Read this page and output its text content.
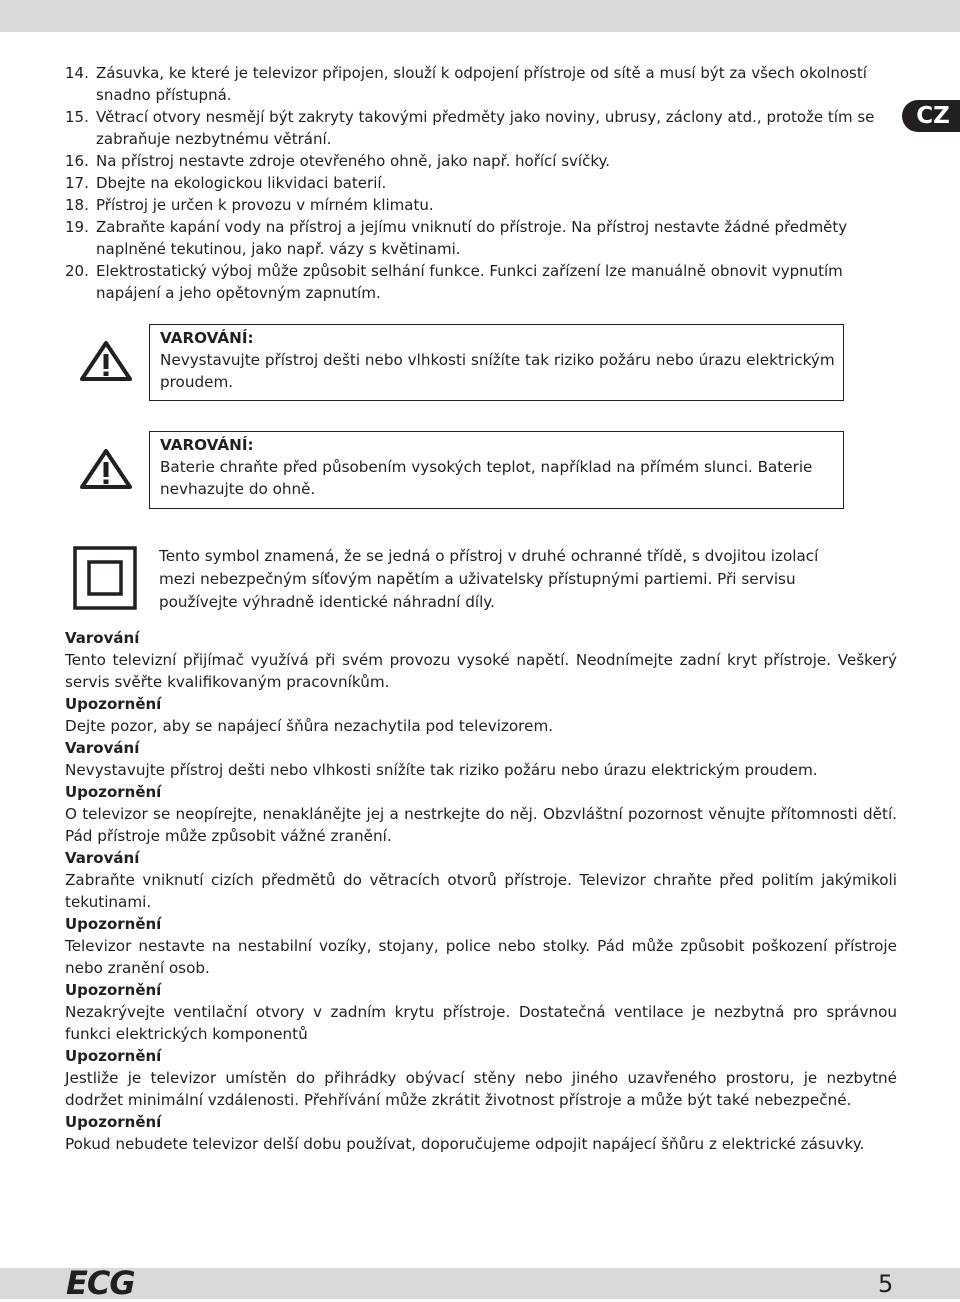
CZ
14. Zásuvka, ke které je televizor připojen, slouží k odpojení přístroje od sítě a musí být za všech okolností snadno přístupná.
15. Větrací otvory nesmějí být zakryty takovými předměty jako noviny, ubrusy, záclony atd., protože tím se zabraňuje nezbytnému větrání.
16. Na přístroj nestavte zdroje otevřeného ohně, jako např. hořící svíčky.
17. Dbejte na ekologickou likvidaci baterií.
18. Přístroj je určen k provozu v mírném klimatu.
19. Zabraňte kapání vody na přístroj a jejímu vniknutí do přístroje. Na přístroj nestavte žádné předměty naplněné tekutinou, jako např. vázy s květinami.
20. Elektrostatický výboj může způsobit selhání funkce. Funkci zařízení lze manuálně obnovit vypnutím napájení a jeho opětovným zapnutím.
VAROVÁNÍ:
Nevystavujte přístroj dešti nebo vlhkosti snížíte tak riziko požáru nebo úrazu elektrickým proudem.
VAROVÁNÍ:
Baterie chraňte před působením vysokých teplot, například na přímém slunci. Baterie nevhazujte do ohně.
Tento symbol znamená, že se jedná o přístroj v druhé ochranné třídě, s dvojitou izolací mezi nebezpečným síťovým napětím a uživatelsky přístupnými partiemi. Při servisu používejte výhradně identické náhradní díly.
Varování
Tento televizní přijímač využívá při svém provozu vysoké napětí. Neodnímejte zadní kryt přístroje. Veškerý servis svěřte kvalifikovaným pracovníkům.
Upozornění
Dejte pozor, aby se napájecí šňůra nezachytila pod televizorem.
Varování
Nevystavujte přístroj dešti nebo vlhkosti snížíte tak riziko požáru nebo úrazu elektrickým proudem.
Upozornění
O televizor se neopírejte, nenaklánějte jej a nestrkejte do něj. Obzvláštní pozornost věnujte přítomnosti dětí. Pád přístroje může způsobit vážné zranění.
Varování
Zabraňte vniknutí cizích předmětů do větracích otvorů přístroje. Televizor chraňte před politím jakýmikoli tekutinami.
Upozornění
Televizor nestavte na nestabilní vozíky, stojany, police nebo stolky. Pád může způsobit poškození přístroje nebo zranění osob.
Upozornění
Nezakrývejte ventilační otvory v zadním krytu přístroje. Dostatečná ventilace je nezbytná pro správnou funkci elektrických komponentů
Upozornění
Jestliže je televizor umístěn do přihrádky obývací stěny nebo jiného uzavřeného prostoru, je nezbytné dodržet minimální vzdálenosti. Přehřívání může zkrátit životnost přístroje a může být také nebezpečné.
Upozornění
Pokud nebudete televizor delší dobu používat, doporučujeme odpojit napájecí šňůru z elektrické zásuvky.
ECG	5
